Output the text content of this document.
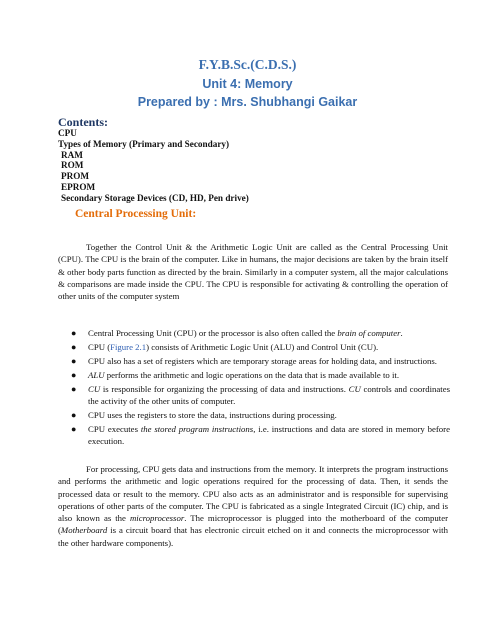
F.Y.B.Sc.(C.D.S.)
Unit 4: Memory
Prepared by : Mrs. Shubhangi Gaikar
Contents:
CPU
Types of Memory (Primary and Secondary)
RAM
ROM
PROM
EPROM
Secondary Storage Devices (CD, HD, Pen drive)
Central Processing Unit:

Together the Control Unit & the Arithmetic Logic Unit are called as the Central Processing Unit (CPU). The CPU is the brain of the computer. Like in humans, the major decisions are taken by the brain itself & other body parts function as directed by the brain. Similarly in a computer system, all the major calculations & comparisons are made inside the CPU. The CPU is responsible for activating & controlling the operation of other units of the computer system

● Central Processing Unit (CPU) or the processor is also often called the brain of computer.
● CPU (Figure 2.1) consists of Arithmetic Logic Unit (ALU) and Control Unit (CU).
● CPU also has a set of registers which are temporary storage areas for holding data, and instructions.
● ALU performs the arithmetic and logic operations on the data that is made available to it.
● CU is responsible for organizing the processing of data and instructions. CU controls and coordinates the activity of the other units of computer.
● CPU uses the registers to store the data, instructions during processing.
● CPU executes the stored program instructions, i.e. instructions and data are stored in memory before execution.

For processing, CPU gets data and instructions from the memory. It interprets the program instructions and performs the arithmetic and logic operations required for the processing of data. Then, it sends the processed data or result to the memory. CPU also acts as an administrator and is responsible for supervising operations of other parts of the computer. The CPU is fabricated as a single Integrated Circuit (IC) chip, and is also known as the microprocessor. The microprocessor is plugged into the motherboard of the computer (Motherboard is a circuit board that has electronic circuit etched on it and connects the microprocessor with the other hardware components).
